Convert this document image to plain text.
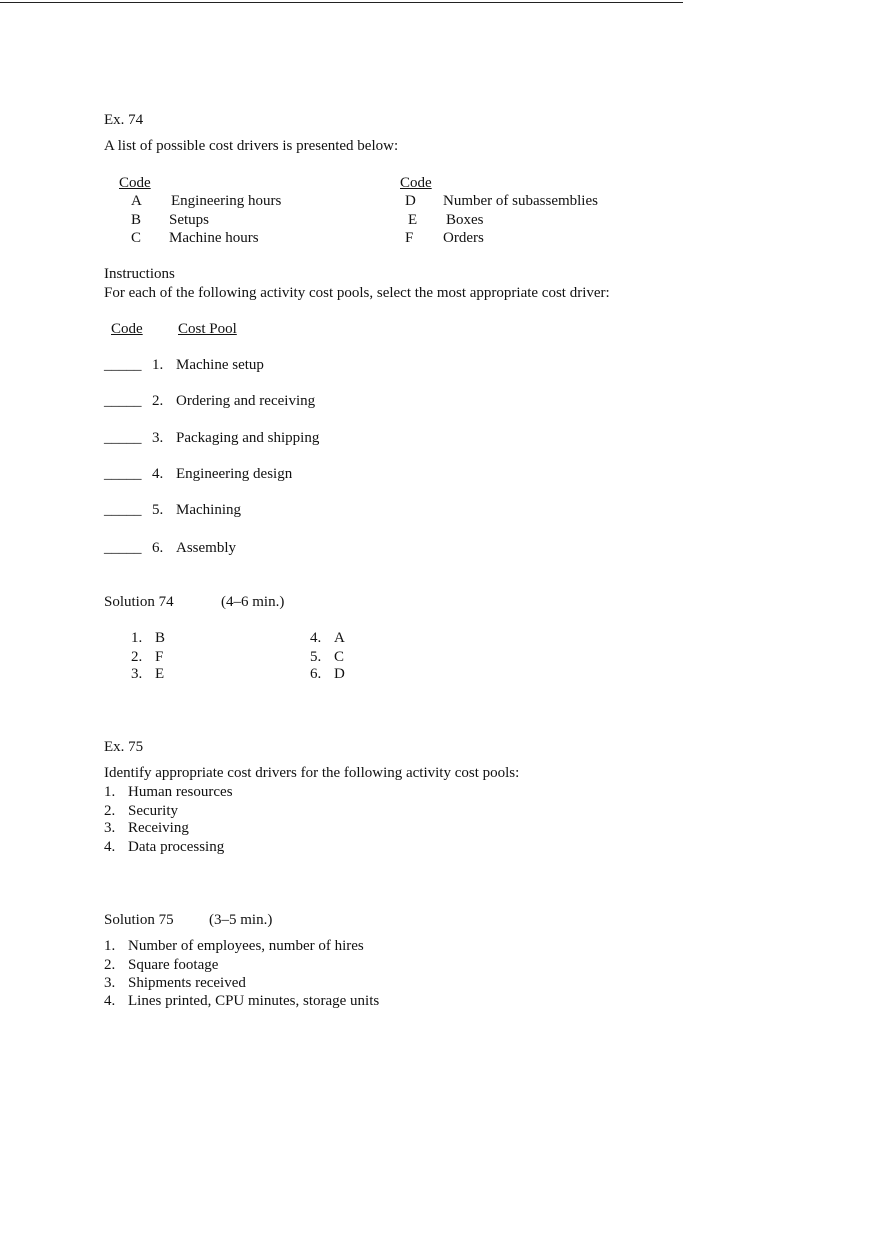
Ex. 74
A list of possible cost drivers is presented below:
Code	Code
A Engineering hours
B Setups
C Machine hours
D Number of subassemblies
E Boxes
F Orders
Instructions
For each of the following activity cost pools, select the most appropriate cost driver:
Code Cost Pool
_____ 1. Machine setup
_____ 2. Ordering and receiving
_____ 3. Packaging and shipping
_____ 4. Engineering design
_____ 5. Machining
_____ 6. Assembly
Solution 74	(4–6 min.)
1. B
2. F
3. E
4. A
5. C
6. D
Ex. 75
Identify appropriate cost drivers for the following activity cost pools:
1. Human resources
2. Security
3. Receiving
4. Data processing
Solution 75 (3–5 min.)
1. Number of employees, number of hires
2. Square footage
3. Shipments received
4. Lines printed, CPU minutes, storage units
